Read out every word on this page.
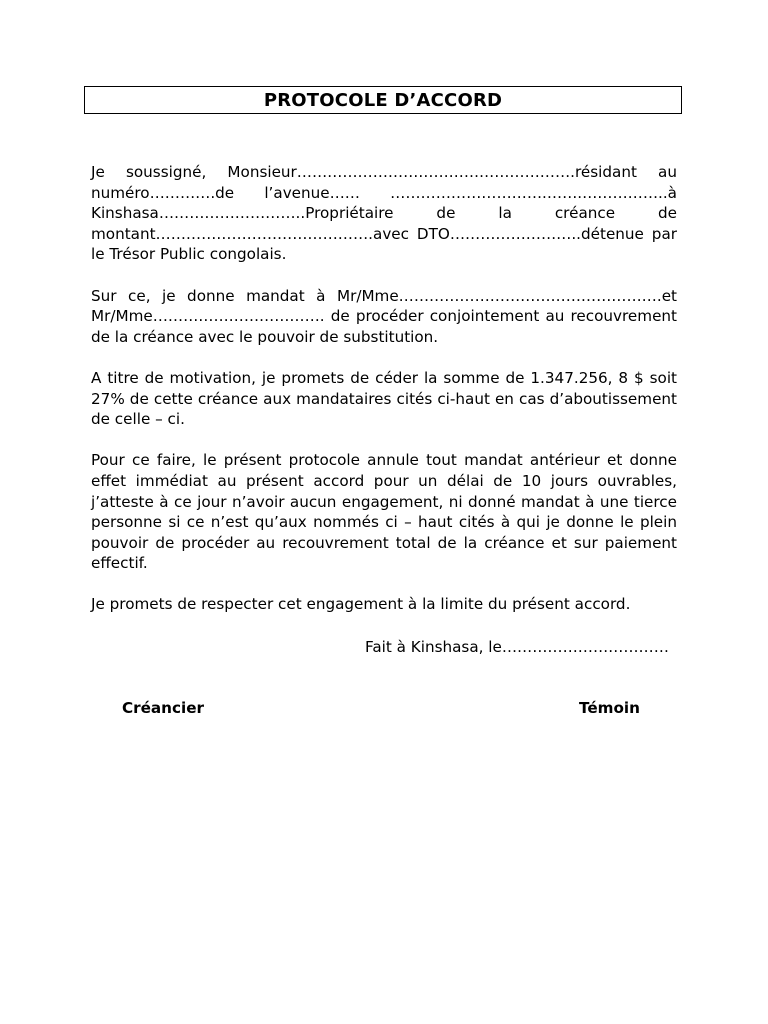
PROTOCOLE D’ACCORD

Je soussigné, Monsieur……………………………………………….résidant au numéro………….de l’avenue…… ………………………….…….……………..à Kinshasa………………………..Propriétaire de la créance de montant…………………………………….avec DTO……………………..détenue par le Trésor Public congolais.

Sur ce, je donne mandat à Mr/Mme…………………………………………….et Mr/Mme……………………………. de procéder conjointement au recouvrement de la créance avec le pouvoir de substitution.

A titre de motivation, je promets de céder la somme de 1.347.256, 8 $ soit 27% de cette créance aux mandataires cités ci-haut en cas d’aboutissement de celle – ci.

Pour ce faire, le présent protocole annule tout mandat antérieur et donne effet immédiat au présent accord pour un délai de 10 jours ouvrables, j’atteste à ce jour n’avoir aucun engagement, ni donné mandat à une tierce personne si ce n’est qu’aux nommés ci – haut cités à qui je donne le plein pouvoir de procéder au recouvrement total de la créance et sur paiement effectif.

Je promets de respecter cet engagement à la limite du présent accord.

Fait à Kinshasa, le……………………………
Créancier	Témoin
